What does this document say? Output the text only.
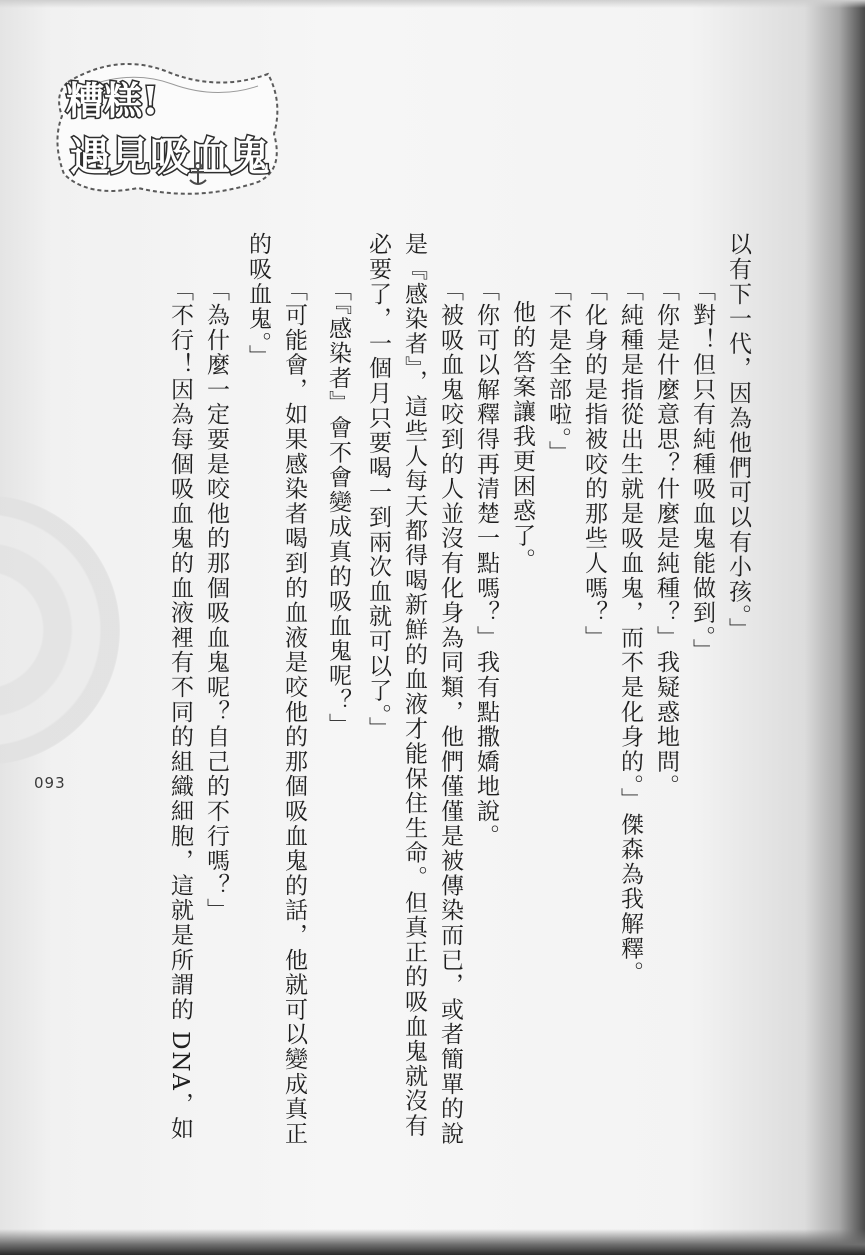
糟糕!
遇見吸血鬼
以有下一代，因為他們可以有小孩。」
「對！但只有純種吸血鬼能做到。」
「你是什麼意思？什麼是純種？」我疑惑地問。
「純種是指從出生就是吸血鬼，而不是化身的。」傑森為我解釋。
「化身的是指被咬的那些人嗎？」
「不是全部啦。」
他的答案讓我更困惑了。
「你可以解釋得再清楚一點嗎？」我有點撒嬌地說。
「被吸血鬼咬到的人並沒有化身為同類，他們僅僅是被傳染而已，或者簡單的說
是『感染者』，這些人每天都得喝新鮮的血液才能保住生命。但真正的吸血鬼就沒有
必要了，一個月只要喝一到兩次血就可以了。」
「『感染者』會不會變成真的吸血鬼呢？」
「可能會，如果感染者喝到的血液是咬他的那個吸血鬼的話，他就可以變成真正
的吸血鬼。」
「為什麼一定要是咬他的那個吸血鬼呢？自己的不行嗎？」
「不行！因為每個吸血鬼的血液裡有不同的組織細胞，這就是所謂的 DNA，如
093
